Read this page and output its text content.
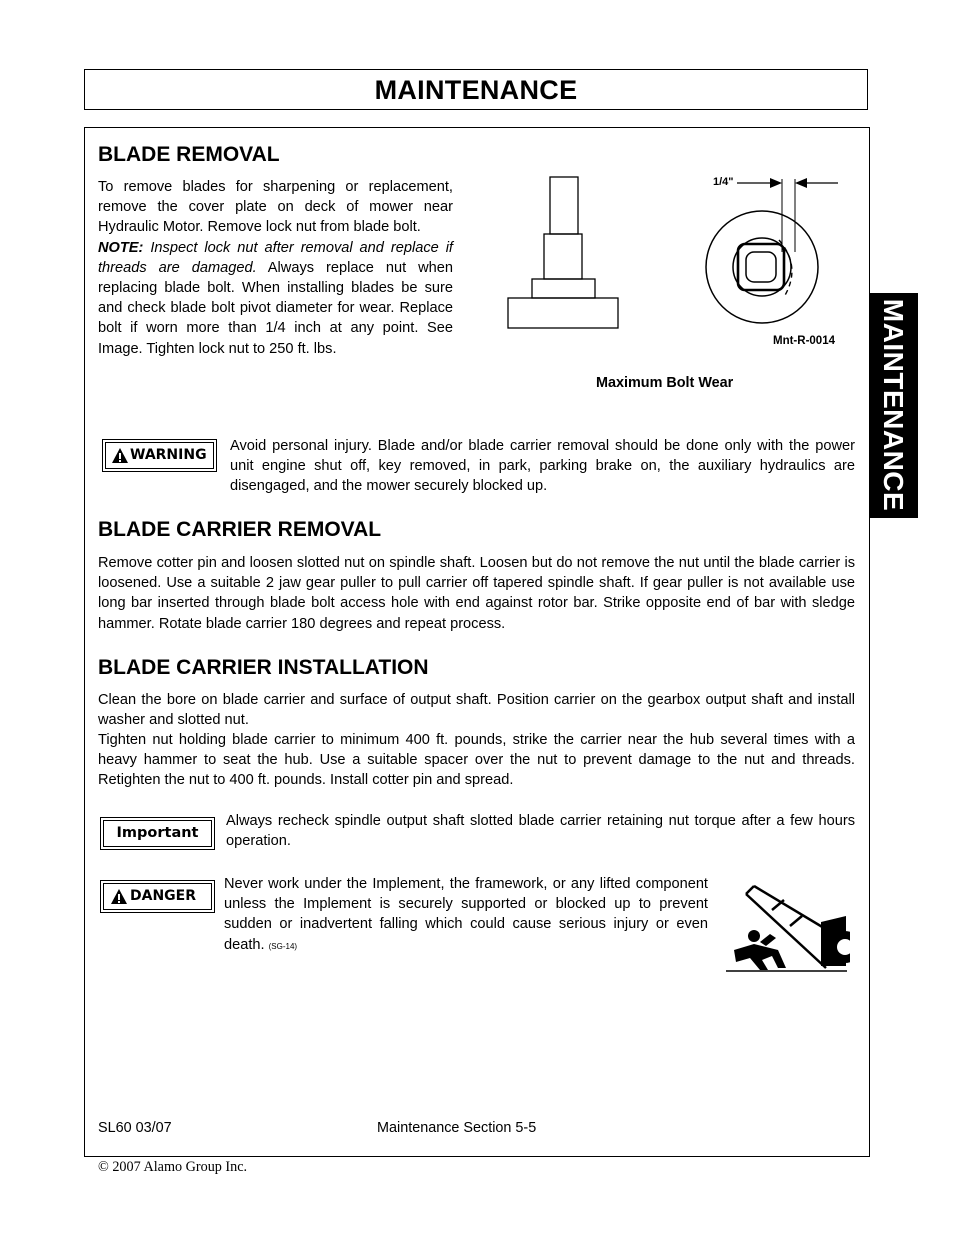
MAINTENANCE
MAINTENANCE
BLADE REMOVAL

To remove blades for sharpening or replacement, remove the cover plate on deck of mower near Hydraulic Motor. Remove lock nut from blade bolt.
NOTE: Inspect lock nut after removal and replace if threads are damaged. Always replace nut when replacing blade bolt. When installing blades be sure and check blade bolt pivot diameter for wear. Replace bolt if worn more than 1/4 inch at any point. See Image. Tighten lock nut to 250 ft. lbs.

1/4"
Mnt-R-0014
Maximum Bolt Wear
WARNING

Avoid personal injury. Blade and/or blade carrier removal should be done only with the power unit engine shut off, key removed, in park, parking brake on, the auxiliary hydraulics are disengaged, and the mower securely blocked up.

BLADE CARRIER REMOVAL

Remove cotter pin and loosen slotted nut on spindle shaft. Loosen but do not remove the nut until the blade carrier is loosened. Use a suitable 2 jaw gear puller to pull carrier off tapered spindle shaft. If gear puller is not available use long bar inserted through blade bolt access hole with end against rotor bar. Strike opposite end of bar with sledge hammer. Rotate blade carrier 180 degrees and repeat process.

BLADE CARRIER INSTALLATION

Clean the bore on blade carrier and surface of output shaft. Position carrier on the gearbox output shaft and install washer and slotted nut.

Tighten nut holding blade carrier to minimum 400 ft. pounds, strike the carrier near the hub several times with a heavy hammer to seat the hub. Use a suitable spacer over the nut to prevent damage to the nut and threads. Retighten the nut to 400 ft. pounds. Install cotter pin and spread.

Important

Always recheck spindle output shaft slotted blade carrier retaining nut torque after a few hours operation.

DANGER

Never work under the Implement, the framework, or any lifted component unless the Implement is securely supported or blocked up to prevent sudden or inadvertent falling which could cause serious injury or even death. (SG-14)

SL60 03/07	Maintenance Section 5-5
© 2007 Alamo Group Inc.
